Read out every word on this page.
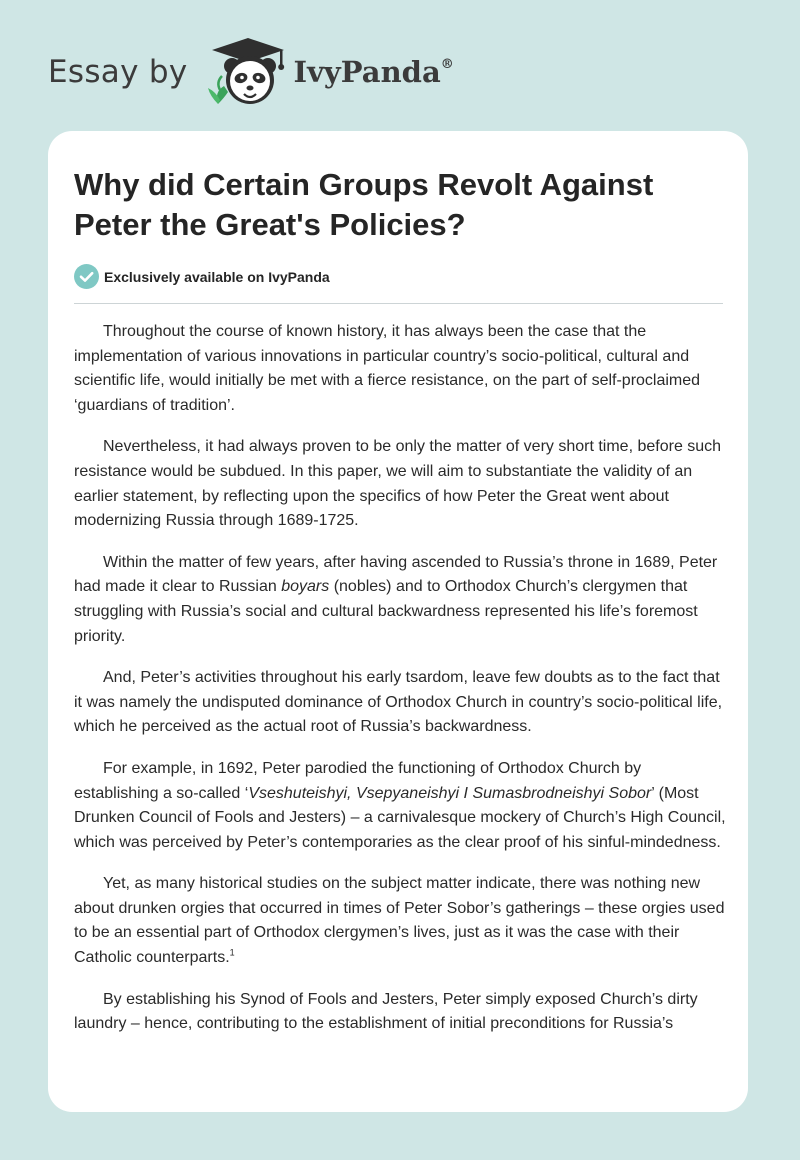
Essay by	IvyPanda®
Why did Certain Groups Revolt Against Peter the Great's Policies?
Exclusively available on IvyPanda

Throughout the course of known history, it has always been the case that the implementation of various innovations in particular country’s socio-political, cultural and scientific life, would initially be met with a fierce resistance, on the part of self-proclaimed ‘guardians of tradition’.

Nevertheless, it had always proven to be only the matter of very short time, before such resistance would be subdued. In this paper, we will aim to substantiate the validity of an earlier statement, by reflecting upon the specifics of how Peter the Great went about modernizing Russia through 1689-1725.

Within the matter of few years, after having ascended to Russia’s throne in 1689, Peter had made it clear to Russian boyars (nobles) and to Orthodox Church’s clergymen that struggling with Russia’s social and cultural backwardness represented his life’s foremost priority.

And, Peter’s activities throughout his early tsardom, leave few doubts as to the fact that it was namely the undisputed dominance of Orthodox Church in country’s socio-political life, which he perceived as the actual root of Russia’s backwardness.

For example, in 1692, Peter parodied the functioning of Orthodox Church by establishing a so-called ‘Vseshuteishyi, Vsepyaneishyi I Sumasbrodneishyi Sobor’ (Most Drunken Council of Fools and Jesters) – a carnivalesque mockery of Church’s High Council, which was perceived by Peter’s contemporaries as the clear proof of his sinful-mindedness.

Yet, as many historical studies on the subject matter indicate, there was nothing new about drunken orgies that occurred in times of Peter Sobor’s gatherings – these orgies used to be an essential part of Orthodox clergymen’s lives, just as it was the case with their Catholic counterparts.$^1$

By establishing his Synod of Fools and Jesters, Peter simply exposed Church’s dirty laundry – hence, contributing to the establishment of initial preconditions for Russia’s
